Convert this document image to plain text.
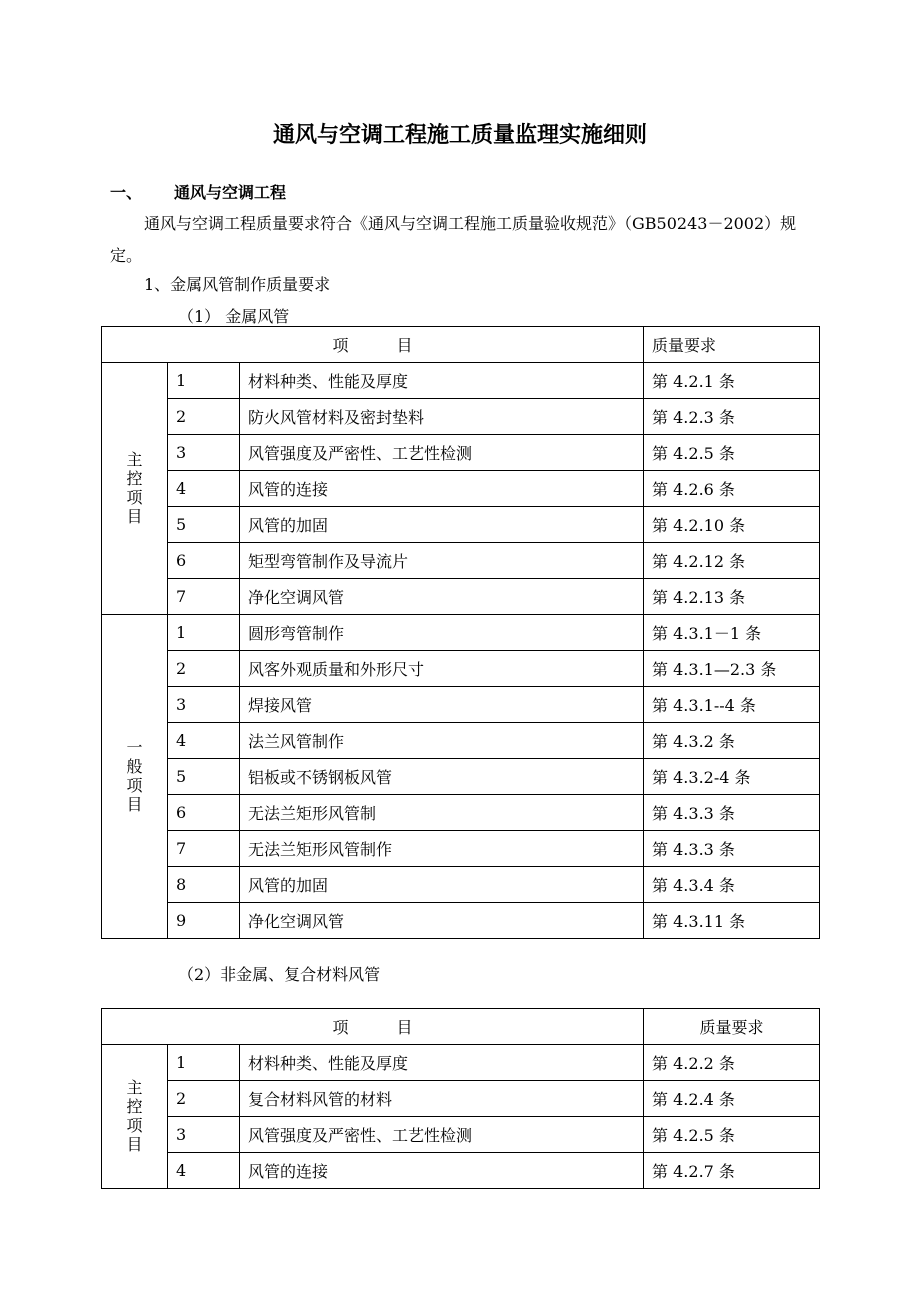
通风与空调工程施工质量监理实施细则
一、 通风与空调工程
通风与空调工程质量要求符合《通风与空调工程施工质量验收规范》（GB50243－2002）规定。
1、金属风管制作质量要求
（1） 金属风管
项　　　目			质量要求
主控项目	1	材料种类、性能及厚度	第 4.2.1 条
	2	防火风管材料及密封垫料	第 4.2.3 条
	3	风管强度及严密性、工艺性检测	第 4.2.5 条
	4	风管的连接	第 4.2.6 条
	5	风管的加固	第 4.2.10 条
	6	矩型弯管制作及导流片	第 4.2.12 条
	7	净化空调风管	第 4.2.13 条
一般项目	1	圆形弯管制作	第 4.3.1－1 条
	2	风客外观质量和外形尺寸	第 4.3.1—2.3 条
	3	焊接风管	第 4.3.1--4 条
	4	法兰风管制作	第 4.3.2 条
	5	铝板或不锈钢板风管	第 4.3.2-4 条
	6	无法兰矩形风管制	第 4.3.3 条
	7	无法兰矩形风管制作	第 4.3.3 条
	8	风管的加固	第 4.3.4 条
	9	净化空调风管	第 4.3.11 条
（2）非金属、复合材料风管
项　　　目			质量要求
主控项目	1	材料种类、性能及厚度	第 4.2.2 条
	2	复合材料风管的材料	第 4.2.4 条
	3	风管强度及严密性、工艺性检测	第 4.2.5 条
	4	风管的连接	第 4.2.7 条
